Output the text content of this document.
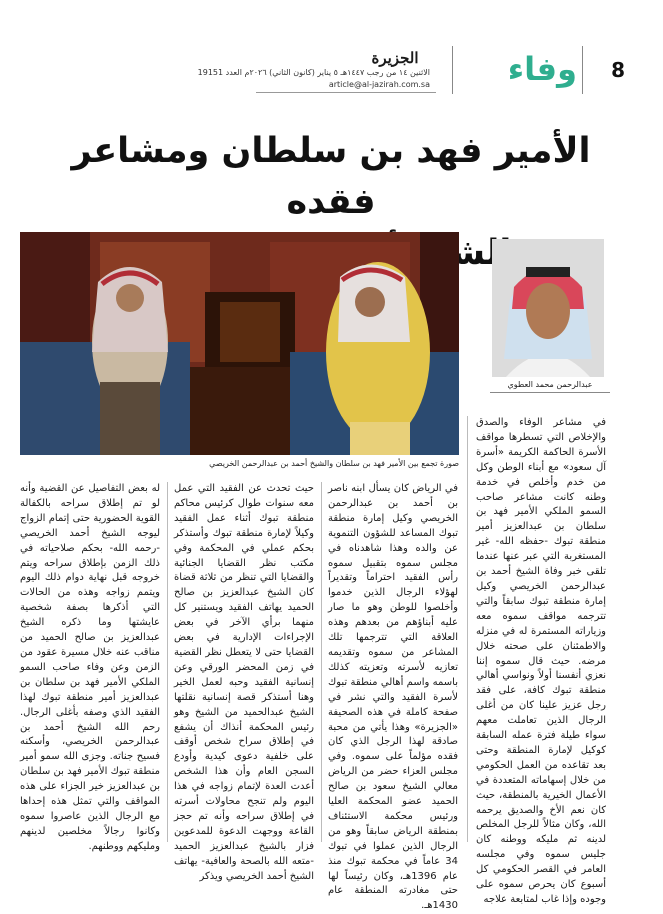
8
وفاء
الجزيرة
الاثنين ١٤ من رجب ١٤٤٧هـ ٥ يناير (كانون الثاني) ٢٠٢٦م العدد 19151
article@al-jazirah.com.sa
الأمير فهد بن سلطان ومشاعر فقده
الشيخ
صورة تجمع بين الأمير فهد بن سلطان والشيخ أحمد بن عبدالرحمن الخريصي
عبدالرحمن محمد العطوي

في مشاعر الوفاء والصدق والإخلاص التي تسطرها مواقف الأسرة الحاكمة الكريمة «أسرة آل سعود» مع أبناء الوطن وكل من خدم وأخلص في خدمة وطنه كانت مشاعر صاحب السمو الملكي الأمير فهد بن سلطان بن عبدالعزيز أمير منطقة تبوك -حفظه الله- غير المستغربة التي عبر عنها عندما تلقى خبر وفاة الشيخ أحمد بن عبدالرحمن الخريصي وكيل إمارة منطقة تبوك سابقاً والتي تترجمه مواقف سموه معه وزياراته المستمرة له في منزله والاطمئنان على صحته خلال مرضه. حيث قال سموه إننا نعزي أنفسنا أولاً ونواسي أهالي منطقة تبوك كافة، على فقد رجل عزيز علينا كان من أغلى الرجال الذين تعاملت معهم سواء طيلة فترة عمله السابقة كوكيل لإمارة المنطقة وحتى بعد تقاعده من العمل الحكومي من خلال إسهاماته المتعددة في الأعمال الخيرية بالمنطقة، حيث كان نعم الأخ والصديق يرحمه الله، وكان مثالاً للرجل المخلص لدينه ثم مليكه ووطنه كان جليس سموه وفي مجلسه العامر في القصر الحكومي كل أسبوع كان يحرص سموه على وجوده وإذا غاب لمتابعة علاجه

في الرياض كان يسأل ابنه ناصر بن أحمد بن عبدالرحمن الخريصي وكيل إمارة منطقة تبوك المساعد للشؤون التنموية عن والده وهذا شاهدناه في مجلس سموه بتقبيل سموه رأس الفقيد احتراماً وتقديراً لهؤلاء الرجال الذين خدموا وأخلصوا للوطن وهو ما صار عليه أبناؤهم من بعدهم وهذه العلاقة التي تترجمها تلك المشاعر من سموه وتقديمه تعازيه لأسرته وتعزيته كذلك باسمه واسم أهالي منطقة تبوك لأسرة الفقيد والتي نشر في صفحة كاملة في هذه الصحيفة «الجزيرة» وهذا يأتي من محبة صادقة لهذا الرجل الذي كان فقده مؤلماً على سموه. وفي مجلس العزاء حضر من الرياض معالي الشيخ سعود بن صالح الحميد عضو المحكمة العليا ورئيس محكمة الاستئناف بمنطقة الرياض سابقاً وهو من الرجال الذين عملوا في تبوك 34 عاماً في محكمة تبوك منذ عام 1396هـ، وكان رئيساً لها حتى مغادرته المنطقة عام 1430هـ.

حيث تحدث عن الفقيد التي عمل معه سنوات طوال كرئيس محاكم منطقة تبوك أثناء عمل الفقيد وكيلاً لإمارة منطقة تبوك وأستذكر بحكم عملي في المحكمة وفي مكتب نظر القضايا الجنائية والقضايا التي تنظر من ثلاثة قضاة كان الشيخ عبدالعزيز بن صالح الحميد يهاتف الفقيد ويستنير كل منهما برأي الآخر في بعض الإجراءات الإدارية في بعض القضايا حتى لا يتعطل نظر القضية في زمن المحضر الورقي وعن إنسانية الفقيد وحبه لعمل الخير وهنا أستذكر قصة إنسانية نقلتها الشيخ عبدالحميد من الشيخ وهو رئيس المحكمة أنذاك أن يشفع في إطلاق سراح شخص أوقف على خلفية دعوى كيدية وأودع السجن العام وأن هذا الشخص أعدت العدة لإتمام زواجه في هذا اليوم ولم تنجح محاولات أسرته في إطلاق سراحه وأنه تم حجز القاعة ووجهت الدعوة للمدعوين فزار بالشيخ عبدالعزيز الحميد -متعه الله بالصحة والعافية- يهاتف الشيخ أحمد الخريصي ويذكر

له بعض التفاصيل عن القضية وأنه لو تم إطلاق سراحه بالكفالة القوية الحضورية حتى إتمام الزواج ليوجه الشيخ أحمد الخريصي -رحمه الله- بحكم صلاحياته في ذلك الزمن بإطلاق سراحه ويتم خروجه قبل نهاية دوام ذلك اليوم ويتمم زواجه وهذه من الحالات التي أذكرها بصفة شخصية عايشتها وما ذكره الشيخ عبدالعزيز بن صالح الحميد من مناقب عنه خلال مسيرة عقود من الزمن وعن وفاء صاحب السمو الملكي الأمير فهد بن سلطان بن عبدالعزيز أمير منطقة تبوك لهذا الفقيد الذي وصفه بأغلى الرجال. رحم الله الشيخ أحمد بن عبدالرحمن الخريصي، وأسكنه فسيح جناته. وجزى الله سمو أمير منطقة تبوك الأمير فهد بن سلطان بن عبدالعزيز خير الجزاء على هذه المواقف والتي تمثل هذه إحداها مع الرجال الذين عاصروا سموه وكانوا رجالاً مخلصين لدينهم ومليكهم ووطنهم.
